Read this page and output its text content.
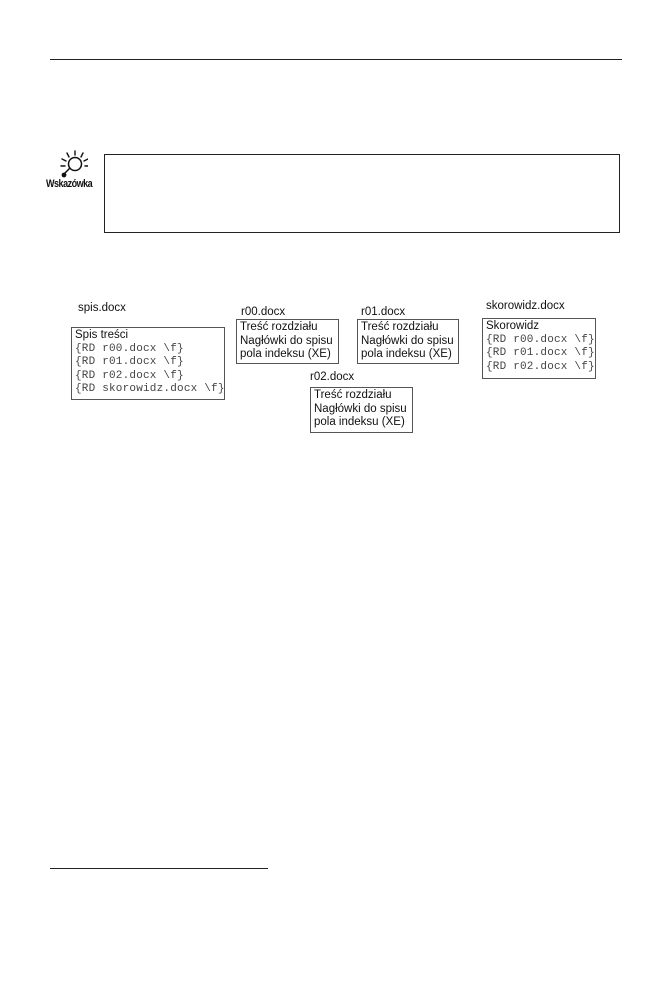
Wskazówka
spis.docx
Spis treści
{RD r00.docx \f}
{RD r01.docx \f}
{RD r02.docx \f}
{RD skorowidz.docx \f}
r00.docx
Treść rozdziału
Nagłówki do spisu
pola indeksu (XE)
r01.docx
Treść rozdziału
Nagłówki do spisu
pola indeksu (XE)
r02.docx
Treść rozdziału
Nagłówki do spisu
pola indeksu (XE)
skorowidz.docx
Skorowidz
{RD r00.docx \f}
{RD r01.docx \f}
{RD r02.docx \f}
